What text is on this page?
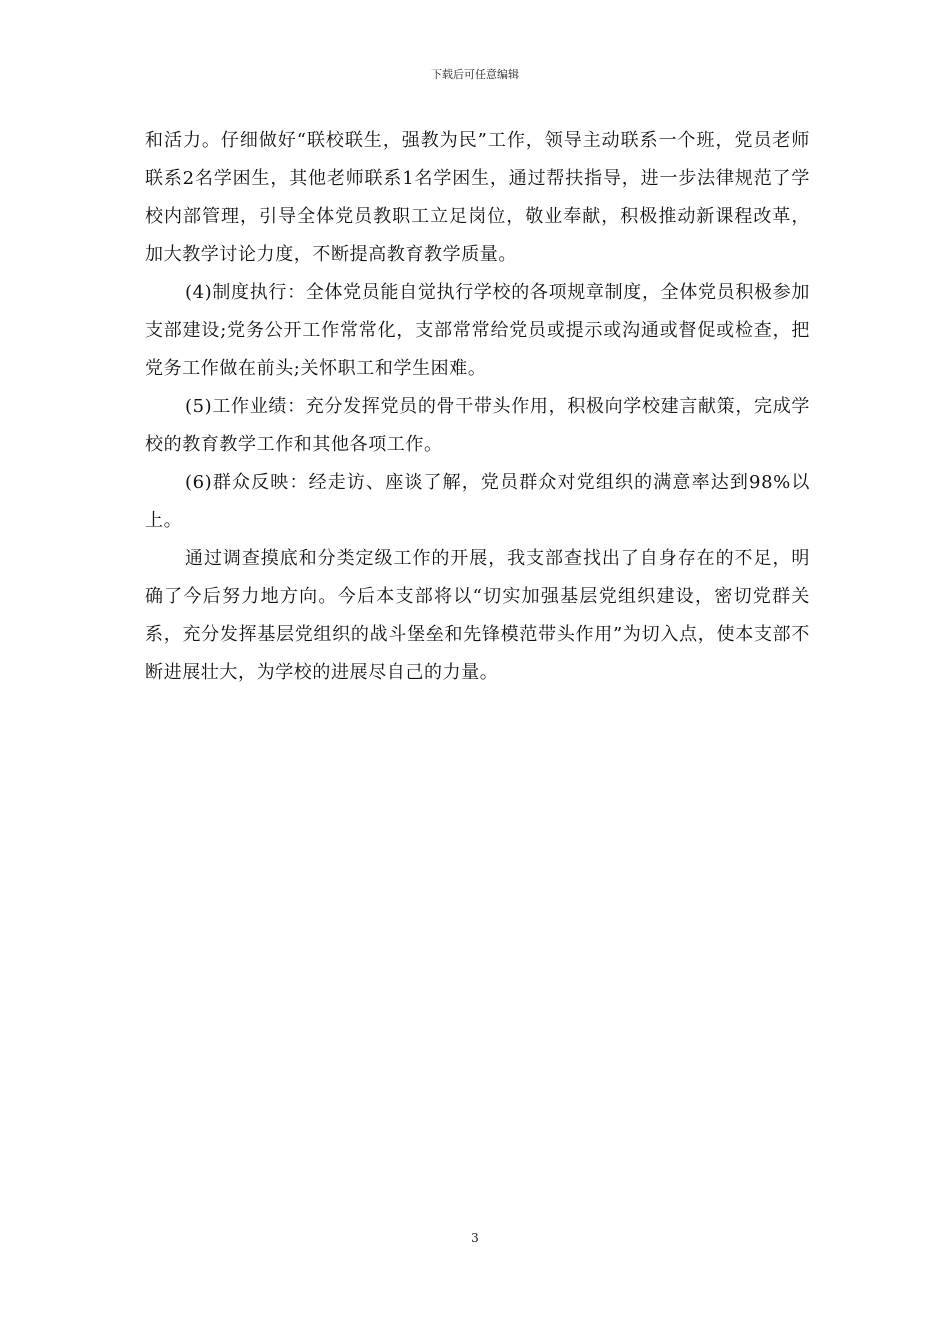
下载后可任意编辑

和活力。仔细做好“联校联生，强教为民”工作，领导主动联系一个班，党员老师联系2名学困生，其他老师联系1名学困生，通过帮扶指导，进一步法律规范了学校内部管理，引导全体党员教职工立足岗位，敬业奉献，积极推动新课程改革，加大教学讨论力度，不断提高教育教学质量。

(4)制度执行：全体党员能自觉执行学校的各项规章制度，全体党员积极参加支部建设;党务公开工作常常化，支部常常给党员或提示或沟通或督促或检查，把党务工作做在前头;关怀职工和学生困难。

(5)工作业绩：充分发挥党员的骨干带头作用，积极向学校建言献策，完成学校的教育教学工作和其他各项工作。

(6)群众反映：经走访、座谈了解，党员群众对党组织的满意率达到98%以上。

通过调查摸底和分类定级工作的开展，我支部查找出了自身存在的不足，明确了今后努力地方向。今后本支部将以“切实加强基层党组织建设，密切党群关系，充分发挥基层党组织的战斗堡垒和先锋模范带头作用”为切入点，使本支部不断进展壮大，为学校的进展尽自己的力量。

3
